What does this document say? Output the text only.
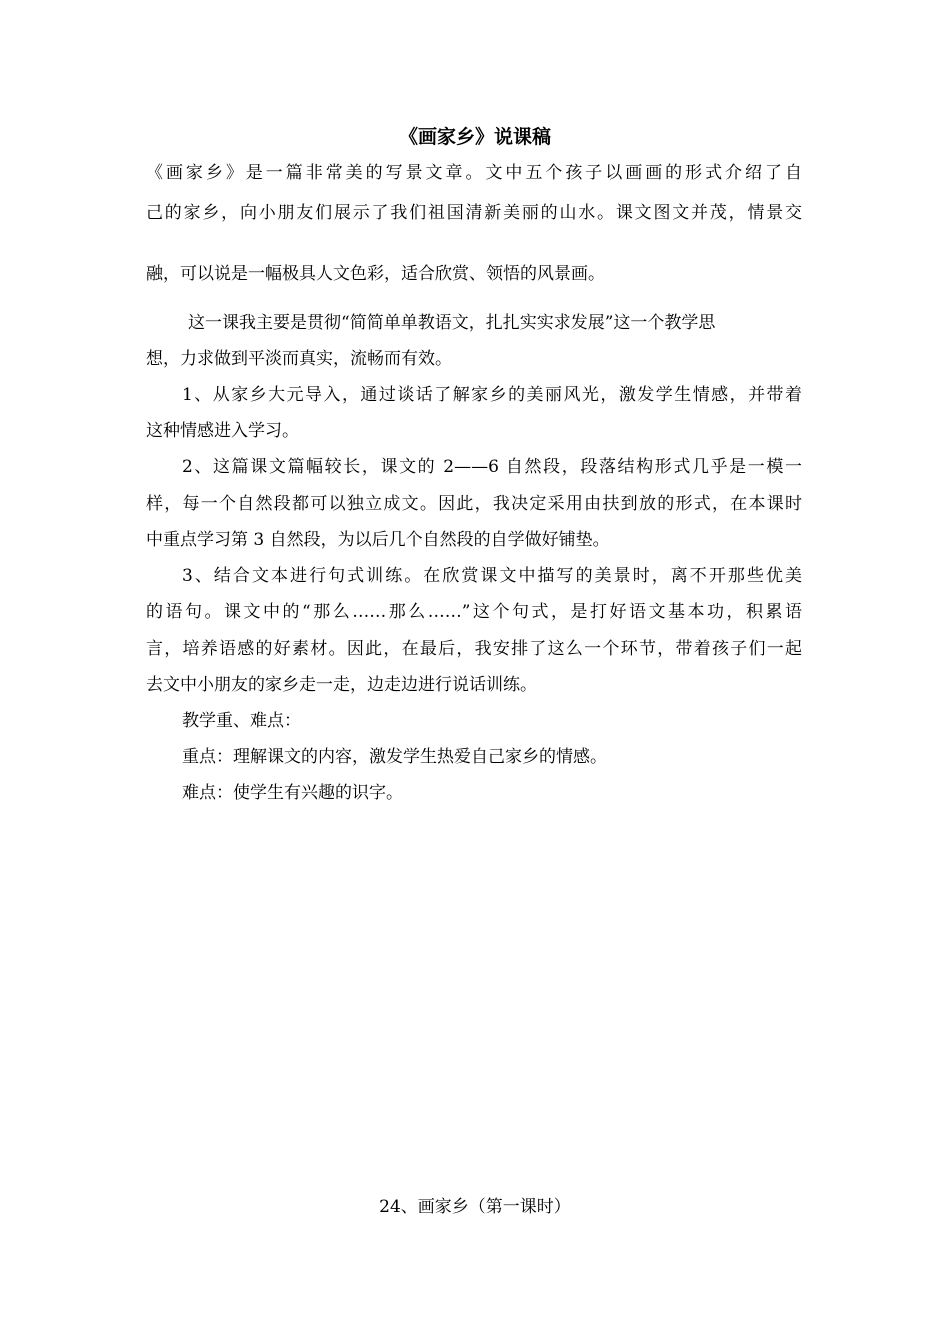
《画家乡》说课稿
《画家乡》是一篇非常美的写景文章。文中五个孩子以画画的形式介绍了自
己的家乡，向小朋友们展示了我们祖国清新美丽的山水。课文图文并茂，情景交
融，可以说是一幅极具人文色彩，适合欣赏、领悟的风景画。
这一课我主要是贯彻“简简单单教语文，扎扎实实求发展”这一个教学思
想，力求做到平淡而真实，流畅而有效。
1、从家乡大元导入，通过谈话了解家乡的美丽风光，激发学生情感，并带着
这种情感进入学习。
2、这篇课文篇幅较长，课文的 2——6 自然段，段落结构形式几乎是一模一
样，每一个自然段都可以独立成文。因此，我决定采用由扶到放的形式，在本课时
中重点学习第 3 自然段，为以后几个自然段的自学做好铺垫。
3、结合文本进行句式训练。在欣赏课文中描写的美景时，离不开那些优美
的语句。课文中的“那么……那么……”这个句式，是打好语文基本功，积累语
言，培养语感的好素材。因此，在最后，我安排了这么一个环节，带着孩子们一起
去文中小朋友的家乡走一走，边走边进行说话训练。
教学重、难点：
重点：理解课文的内容，激发学生热爱自己家乡的情感。
难点：使学生有兴趣的识字。
24、画家乡（第一课时）
